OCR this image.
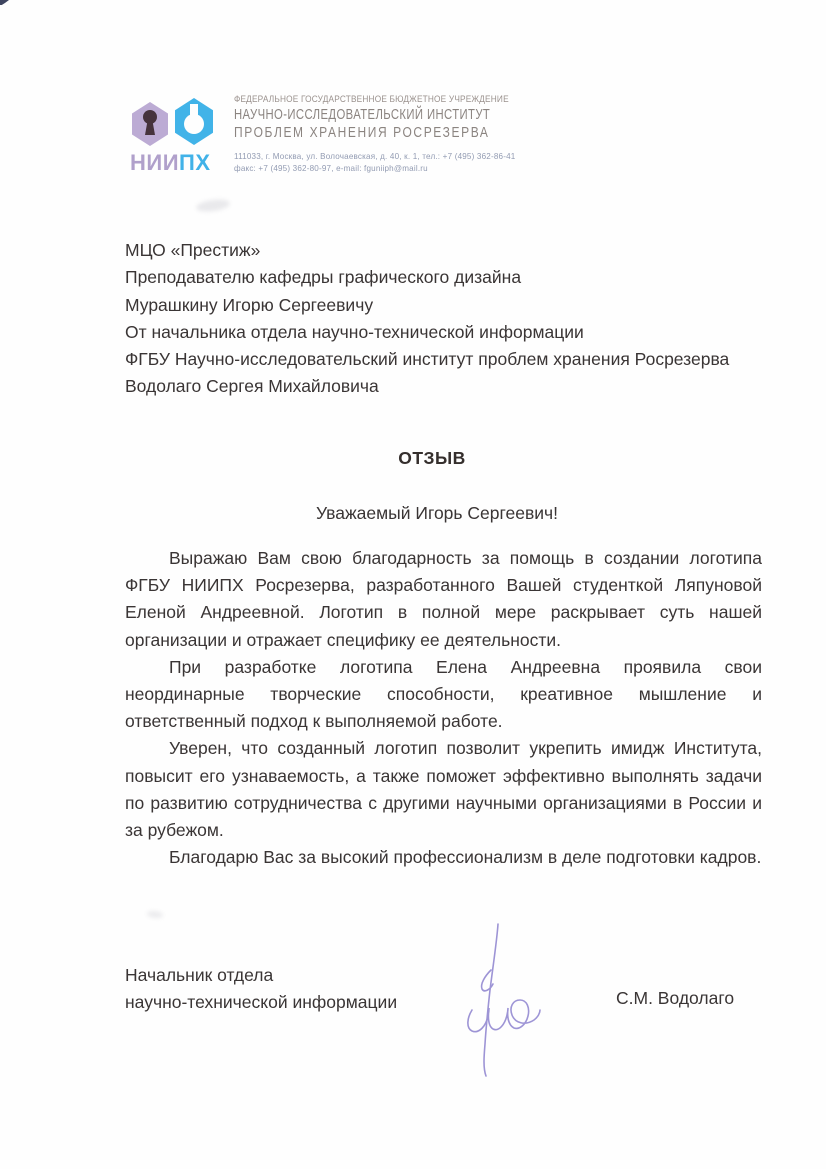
НИИПХ
ФЕДЕРАЛЬНОЕ ГОСУДАРСТВЕННОЕ БЮДЖЕТНОЕ УЧРЕЖДЕНИЕ
НАУЧНО-ИССЛЕДОВАТЕЛЬСКИЙ ИНСТИТУТ
ПРОБЛЕМ ХРАНЕНИЯ РОСРЕЗЕРВА
111033, г. Москва, ул. Волочаевская, д. 40, к. 1, тел.: +7 (495) 362-86-41
факс: +7 (495) 362-80-97, e-mail: fguniiph@mail.ru
МЦО «Престиж»
Преподавателю кафедры графического дизайна
Мурашкину Игорю Сергеевичу
От начальника отдела научно-технической информации
ФГБУ Научно-исследовательский институт проблем хранения Росрезерва
Водолаго Сергея Михайловича
ОТЗЫВ
Уважаемый Игорь Сергеевич!

Выражаю Вам свою благодарность за помощь в создании логотипа ФГБУ НИИПХ Росрезерва, разработанного Вашей студенткой Ляпуновой Еленой Андреевной. Логотип в полной мере раскрывает суть нашей организации и отражает специфику ее деятельности.

При разработке логотипа Елена Андреевна проявила свои неординарные творческие способности, креативное мышление и ответственный подход к выполняемой работе.

Уверен, что созданный логотип позволит укрепить имидж Института, повысит его узнаваемость, а также поможет эффективно выполнять задачи по развитию сотрудничества с другими научными организациями в России и за рубежом.

Благодарю Вас за высокий профессионализм в деле подготовки кадров.

Начальник отдела
научно-технической информации	С.М. Водолаго
